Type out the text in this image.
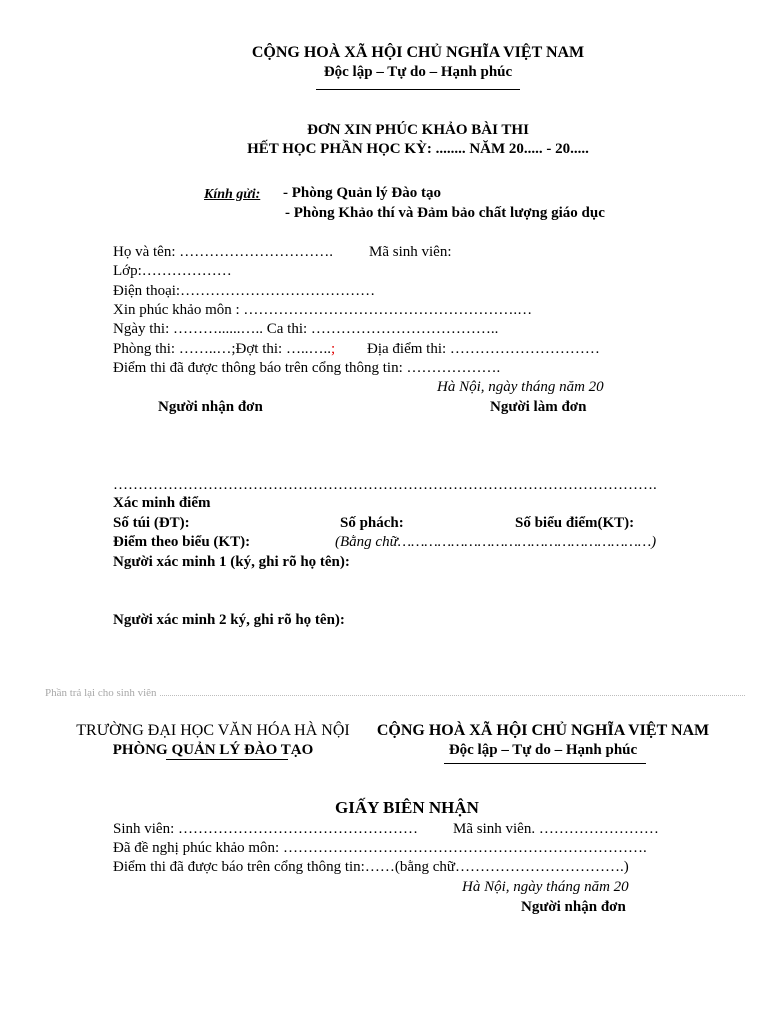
CỘNG HOÀ XÃ HỘI CHỦ NGHĨA VIỆT NAM
Độc lập – Tự do – Hạnh phúc
ĐƠN XIN PHÚC KHẢO BÀI THI
HẾT HỌC PHẦN HỌC KỲ: ........ NĂM 20..... - 20.....
Kính gửi: - Phòng Quản lý Đào tạo
- Phòng Khảo thí và Đảm bảo chất lượng giáo dục
Họ và tên: …………………………. Mã sinh viên:
Lớp:………………
Điện thoại:…………………………………
Xin phúc khảo môn : ……………………………………………….…
Ngày thi: ………......….. Ca thi: ………………………………..
Phòng thi: ……..…;Đợt thi: …..…..; Địa điểm thi: …………………………
Điểm thi đã được thông báo trên cổng thông tin: ……………….
Hà Nội, ngày tháng năm 20
Người nhận đơn	Người làm đơn
……………………………………………………………………………………………….
Xác minh điểm
Số túi (ĐT):	Số phách:	Số biểu điểm(KT):
Điểm theo biểu (KT):	(Bằng chữ…………………………………………………)
Người xác minh 1 (ký, ghi rõ họ tên):
Người xác minh 2 ký, ghi rõ họ tên):
Phần trả lại cho sinh viên
TRƯỜNG ĐẠI HỌC VĂN HÓA HÀ NỘI
PHÒNG QUẢN LÝ ĐÀO TẠO
CỘNG HOÀ XÃ HỘI CHỦ NGHĨA VIỆT NAM
Độc lập – Tự do – Hạnh phúc
GIẤY BIÊN NHẬN
Sinh viên: ………………………………………… Mã sinh viên. ……………………
Đã đề nghị phúc khảo môn: ……………………………………………………………….
Điểm thi đã được báo trên cổng thông tin:……(bằng chữ…………………………….)
Hà Nội, ngày tháng năm 20
Người nhận đơn
